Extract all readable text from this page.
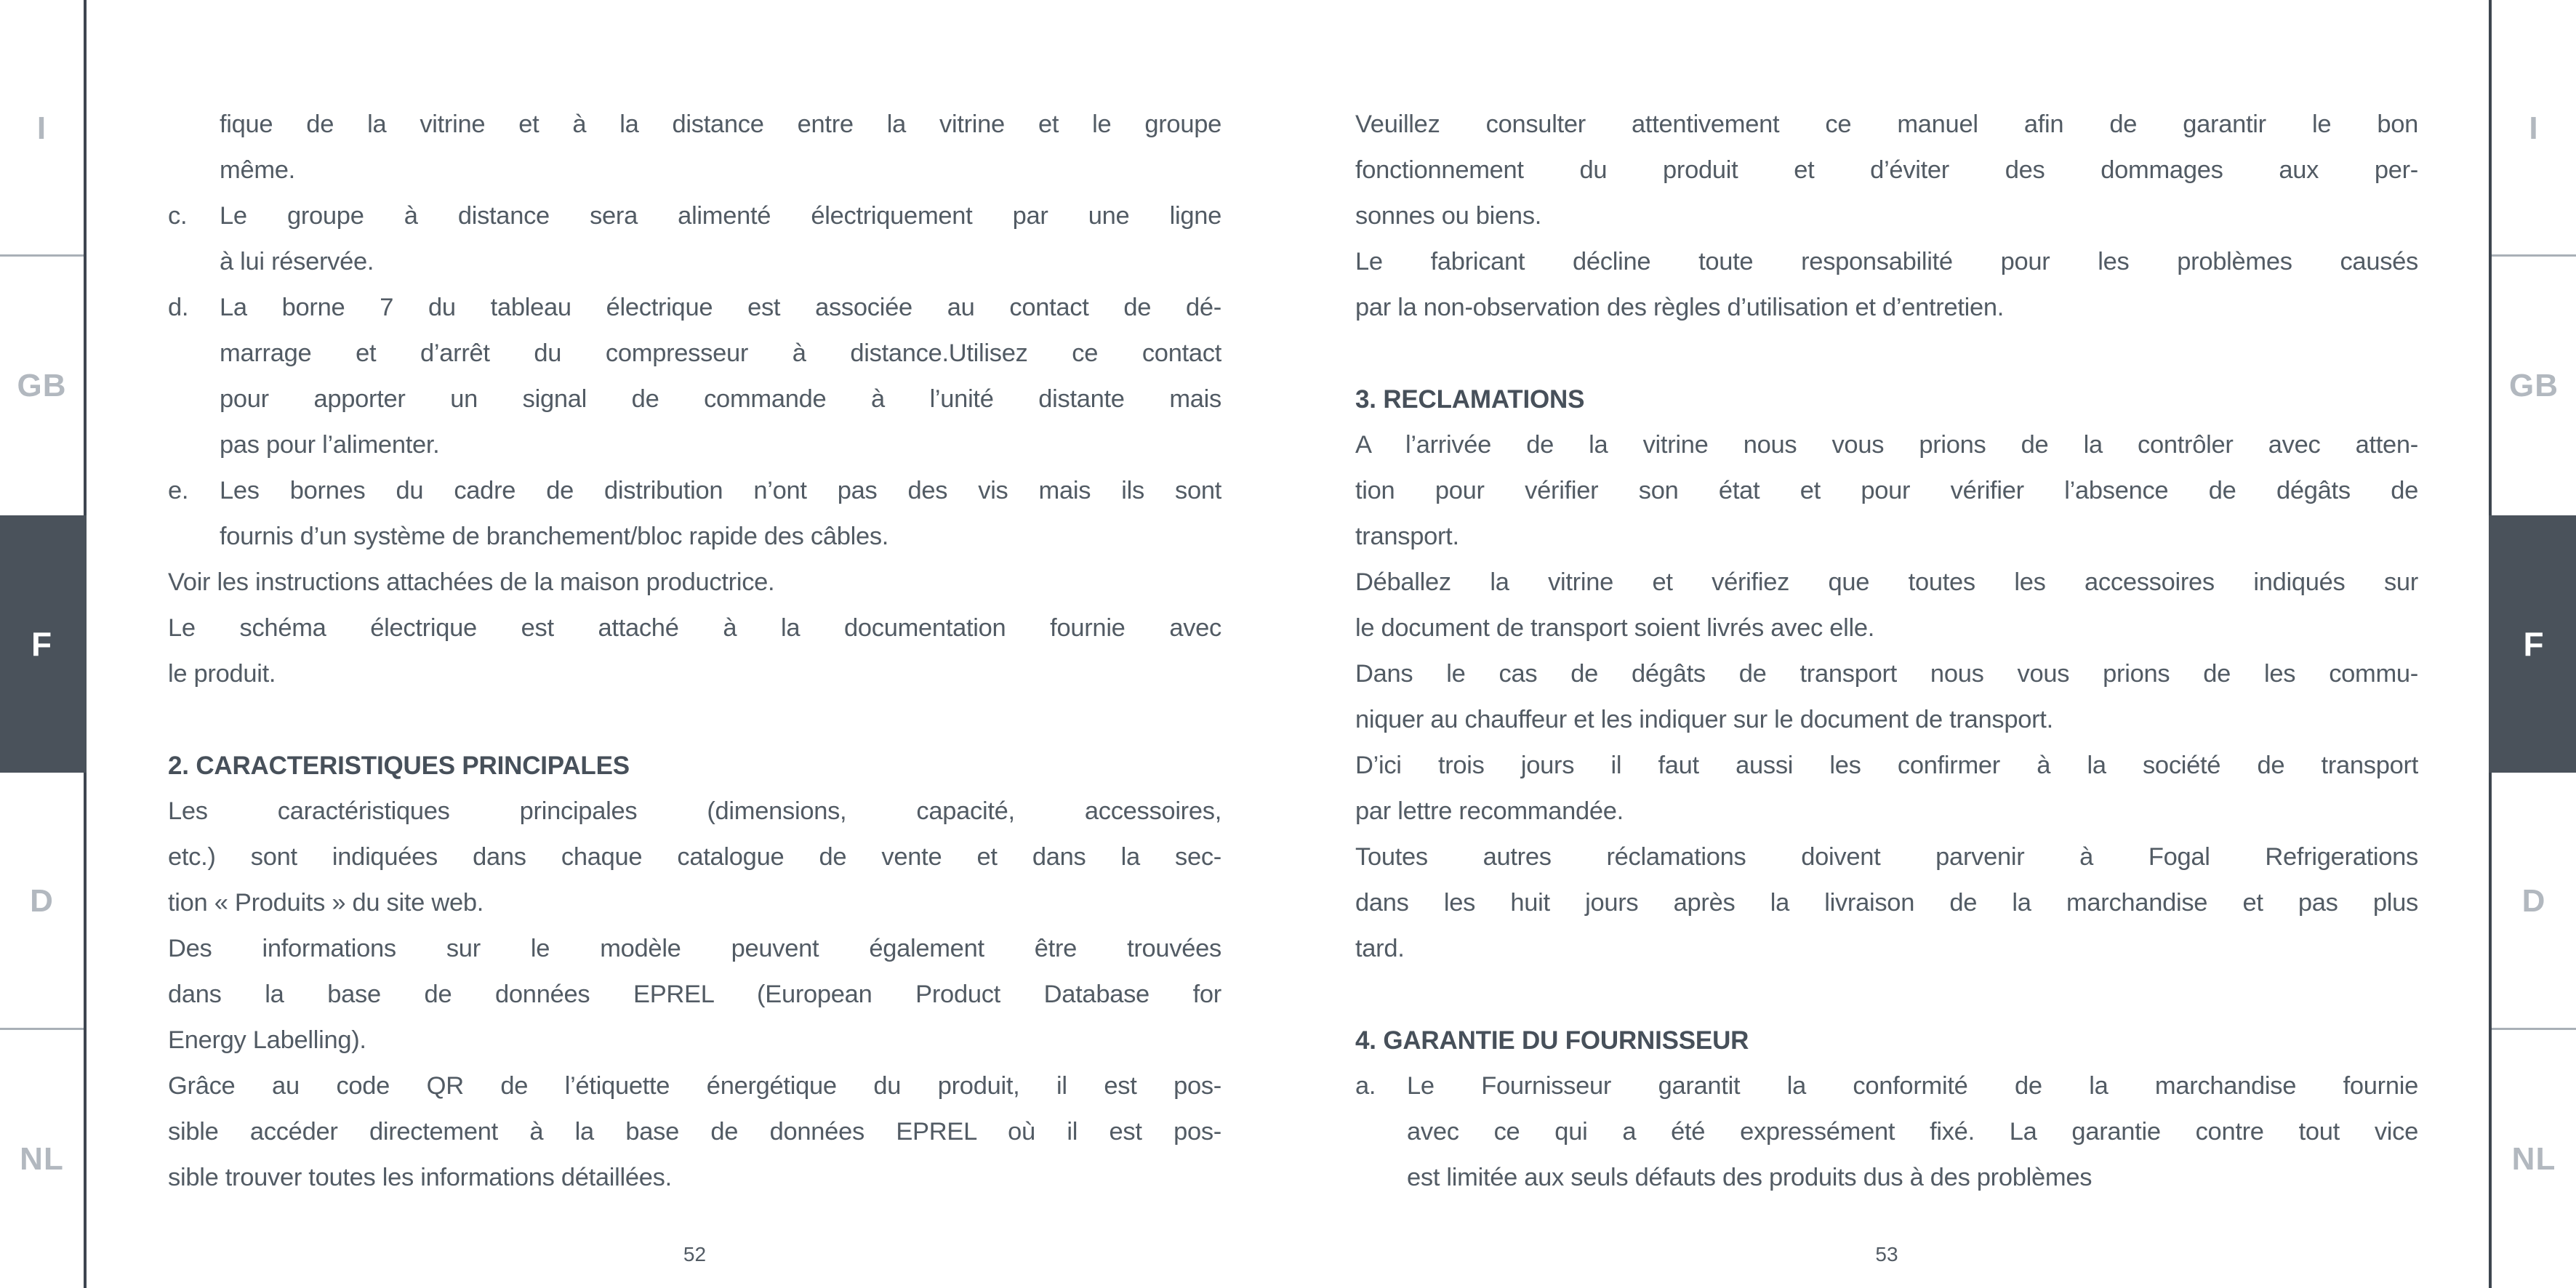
I
GB
F
D
NL
I
GB
F
D
NL
fique de la vitrine et à la distance entre la vitrine et le groupe
même.
c. Le groupe à distance sera alimenté électriquement par une ligne
à lui réservée.
d. La borne 7 du tableau électrique est associée au contact de dé-
marrage et d’arrêt du compresseur à distance.Utilisez ce contact
pour apporter un signal de commande à l’unité distante mais
pas pour l’alimenter.
e. Les bornes du cadre de distribution n’ont pas des vis mais ils sont
fournis d’un système de branchement/bloc rapide des câbles.
Voir les instructions attachées de la maison productrice.
Le schéma électrique est attaché à la documentation fournie avec
le produit.
2. CARACTERISTIQUES PRINCIPALES
Les caractéristiques principales (dimensions, capacité, accessoires,
etc.) sont indiquées dans chaque catalogue de vente et dans la sec-
tion « Produits » du site web.
Des informations sur le modèle peuvent également être trouvées
dans la base de données EPREL (European Product Database for
Energy Labelling).
Grâce au code QR de l’étiquette énergétique du produit, il est pos-
sible accéder directement à la base de données EPREL où il est pos-
sible trouver toutes les informations détaillées.
Veuillez consulter attentivement ce manuel afin de garantir le bon
fonctionnement du produit et d’éviter des dommages aux per-
sonnes ou biens.
Le fabricant décline toute responsabilité pour les problèmes causés
par la non-observation des règles d’utilisation et d’entretien.
3. RECLAMATIONS
A l’arrivée de la vitrine nous vous prions de la contrôler avec atten-
tion pour vérifier son état et pour vérifier l’absence de dégâts de
transport.
Déballez la vitrine et vérifiez que toutes les accessoires indiqués sur
le document de transport soient livrés avec elle.
Dans le cas de dégâts de transport nous vous prions de les commu-
niquer au chauffeur et les indiquer sur le document de transport.
D’ici trois jours il faut aussi les confirmer à la société de transport
par lettre recommandée.
Toutes autres réclamations doivent parvenir à Fogal Refrigerations
dans les huit jours après la livraison de la marchandise et pas plus
tard.
4. GARANTIE DU FOURNISSEUR
a. Le Fournisseur garantit la conformité de la marchandise fournie
avec ce qui a été expressément fixé. La garantie contre tout vice
est limitée aux seuls défauts des produits dus à des problèmes
52	53
